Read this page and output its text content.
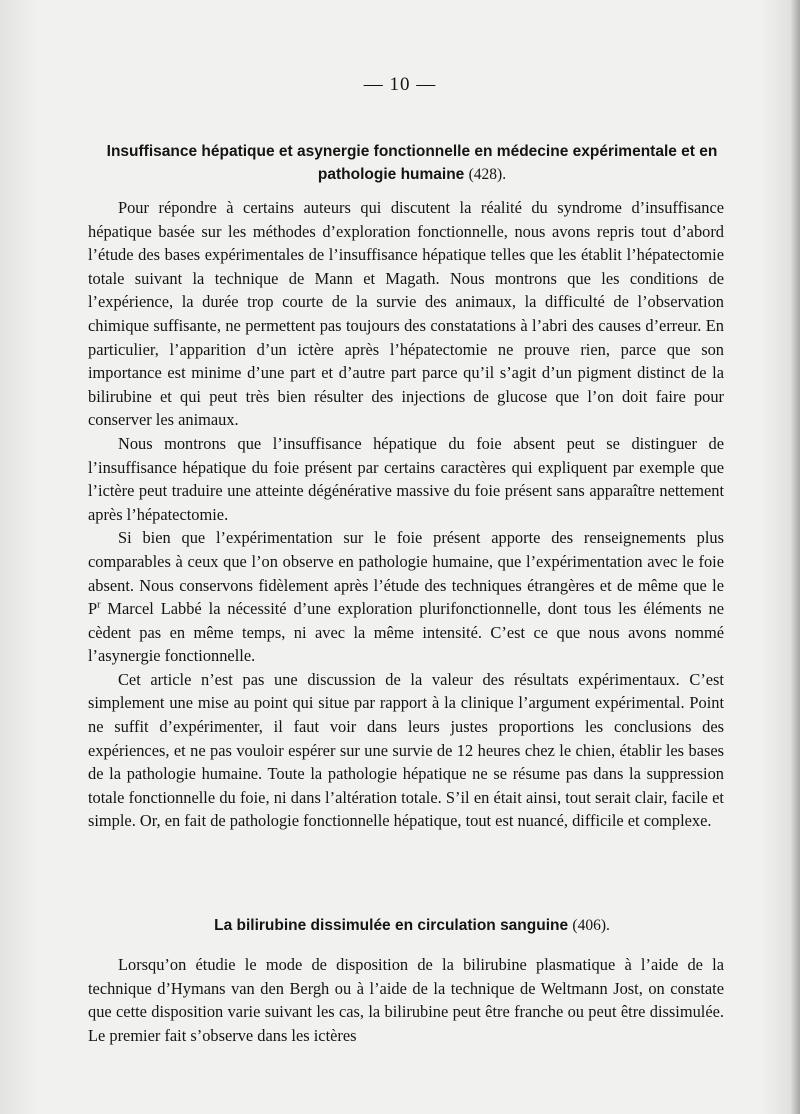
— 10 —
Insuffisance hépatique et asynergie fonctionnelle en médecine expérimentale et en pathologie humaine (428).

Pour répondre à certains auteurs qui discutent la réalité du syndrome d’insuffisance hépatique basée sur les méthodes d’exploration fonctionnelle, nous avons repris tout d’abord l’étude des bases expérimentales de l’insuffisance hépatique telles que les établit l’hépatectomie totale suivant la technique de Mann et Magath. Nous montrons que les conditions de l’expérience, la durée trop courte de la survie des animaux, la difficulté de l’observation chimique suffisante, ne permettent pas toujours des constatations à l’abri des causes d’erreur. En particulier, l’apparition d’un ictère après l’hépatectomie ne prouve rien, parce que son importance est minime d’une part et d’autre part parce qu’il s’agit d’un pigment distinct de la bilirubine et qui peut très bien résulter des injections de glucose que l’on doit faire pour conserver les animaux.

Nous montrons que l’insuffisance hépatique du foie absent peut se distinguer de l’insuffisance hépatique du foie présent par certains caractères qui expliquent par exemple que l’ictère peut traduire une atteinte dégénérative massive du foie présent sans apparaître nettement après l’hépatectomie.

Si bien que l’expérimentation sur le foie présent apporte des renseignements plus comparables à ceux que l’on observe en pathologie humaine, que l’expérimentation avec le foie absent. Nous conservons fidèlement après l’étude des techniques étrangères et de même que le $P^r$ Marcel Labbé la nécessité d’une exploration plurifonctionnelle, dont tous les éléments ne cèdent pas en même temps, ni avec la même intensité. C’est ce que nous avons nommé l’asynergie fonctionnelle.

Cet article n’est pas une discussion de la valeur des résultats expérimentaux. C’est simplement une mise au point qui situe par rapport à la clinique l’argument expérimental. Point ne suffit d’expérimenter, il faut voir dans leurs justes proportions les conclusions des expériences, et ne pas vouloir espérer sur une survie de 12 heures chez le chien, établir les bases de la pathologie humaine. Toute la pathologie hépatique ne se résume pas dans la suppression totale fonctionnelle du foie, ni dans l’altération totale. S’il en était ainsi, tout serait clair, facile et simple. Or, en fait de pathologie fonctionnelle hépatique, tout est nuancé, difficile et complexe.

La bilirubine dissimulée en circulation sanguine (406).

Lorsqu’on étudie le mode de disposition de la bilirubine plasmatique à l’aide de la technique d’Hymans van den Bergh ou à l’aide de la technique de Weltmann Jost, on constate que cette disposition varie suivant les cas, la bilirubine peut être franche ou peut être dissimulée. Le premier fait s’observe dans les ictères
